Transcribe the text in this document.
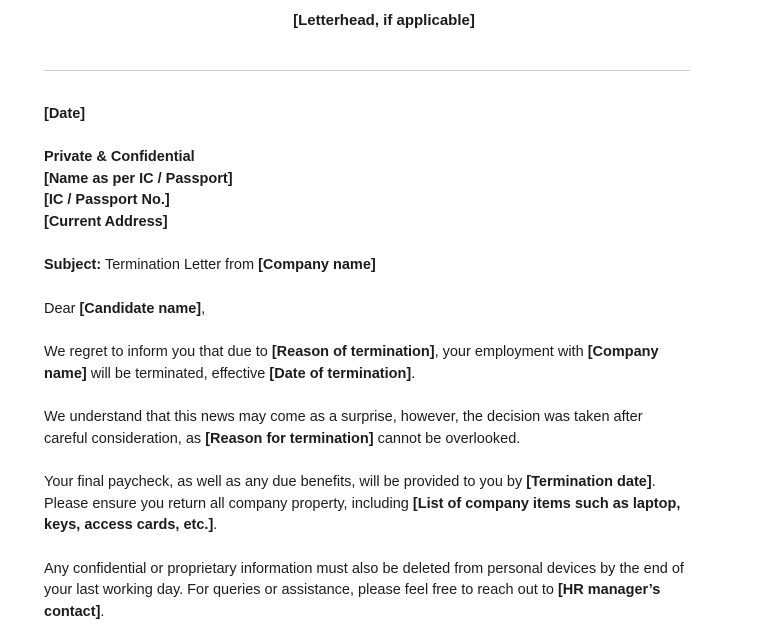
[Letterhead, if applicable]
[Date]
Private & Confidential
[Name as per IC / Passport]
[IC / Passport No.]
[Current Address]
Subject: Termination Letter from [Company name]
Dear [Candidate name],
We regret to inform you that due to [Reason of termination], your employment with [Company name] will be terminated, effective [Date of termination].
We understand that this news may come as a surprise, however, the decision was taken after careful consideration, as [Reason for termination] cannot be overlooked.
Your final paycheck, as well as any due benefits, will be provided to you by [Termination date]. Please ensure you return all company property, including [List of company items such as laptop, keys, access cards, etc.].
Any confidential or proprietary information must also be deleted from personal devices by the end of your last working day. For queries or assistance, please feel free to reach out to [HR manager’s contact].
